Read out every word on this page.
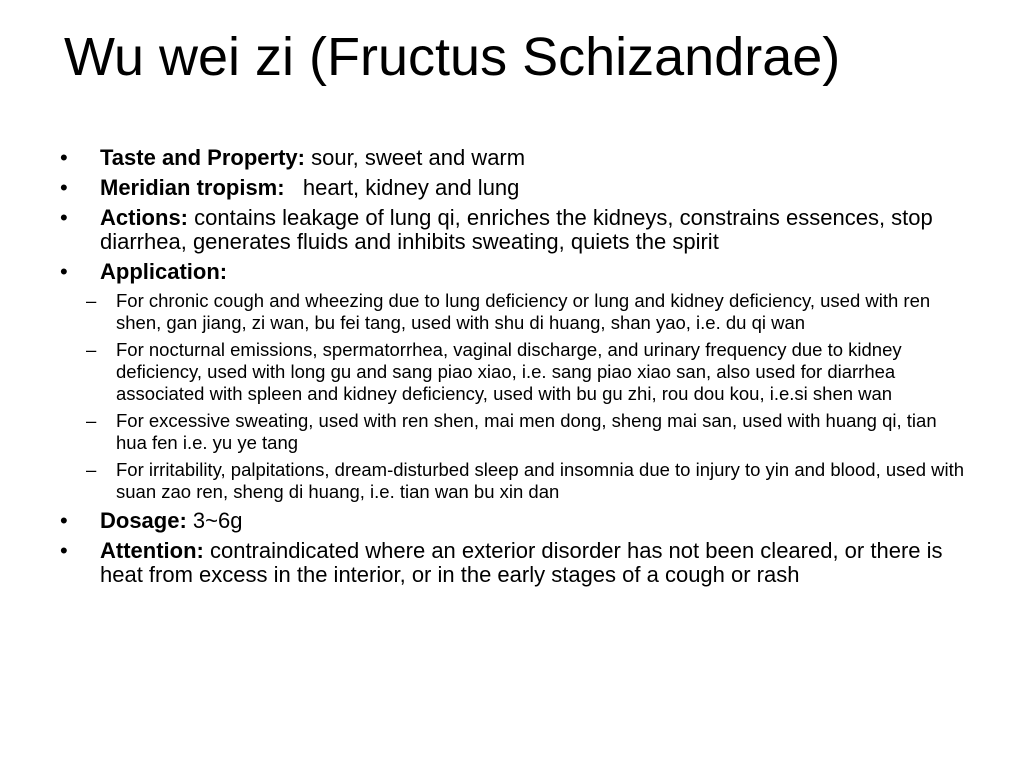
Wu wei zi (Fructus Schizandrae)
• Taste and Property: sour, sweet and warm
• Meridian tropism:   heart, kidney and lung
• Actions: contains leakage of lung qi, enriches the kidneys, constrains essences, stop diarrhea, generates fluids and inhibits sweating, quiets the spirit
• Application:
– For chronic cough and wheezing due to lung deficiency or lung and kidney deficiency, used with ren shen, gan jiang, zi wan, bu fei tang, used with shu di huang, shan yao, i.e. du qi wan
– For nocturnal emissions, spermatorrhea, vaginal discharge, and urinary frequency due to kidney deficiency, used with long gu and sang piao xiao, i.e. sang piao xiao san, also used for diarrhea associated with spleen and kidney deficiency, used with bu gu zhi, rou dou kou, i.e.si shen wan
– For excessive sweating, used with ren shen, mai men dong, sheng mai san, used with huang qi, tian hua fen i.e. yu ye tang
– For irritability, palpitations, dream-disturbed sleep and insomnia due to injury to yin and blood, used with suan zao ren, sheng di huang, i.e. tian wan bu xin dan
• Dosage: 3~6g
• Attention: contraindicated where an exterior disorder has not been cleared, or there is heat from excess in the interior, or in the early stages of a cough or rash
